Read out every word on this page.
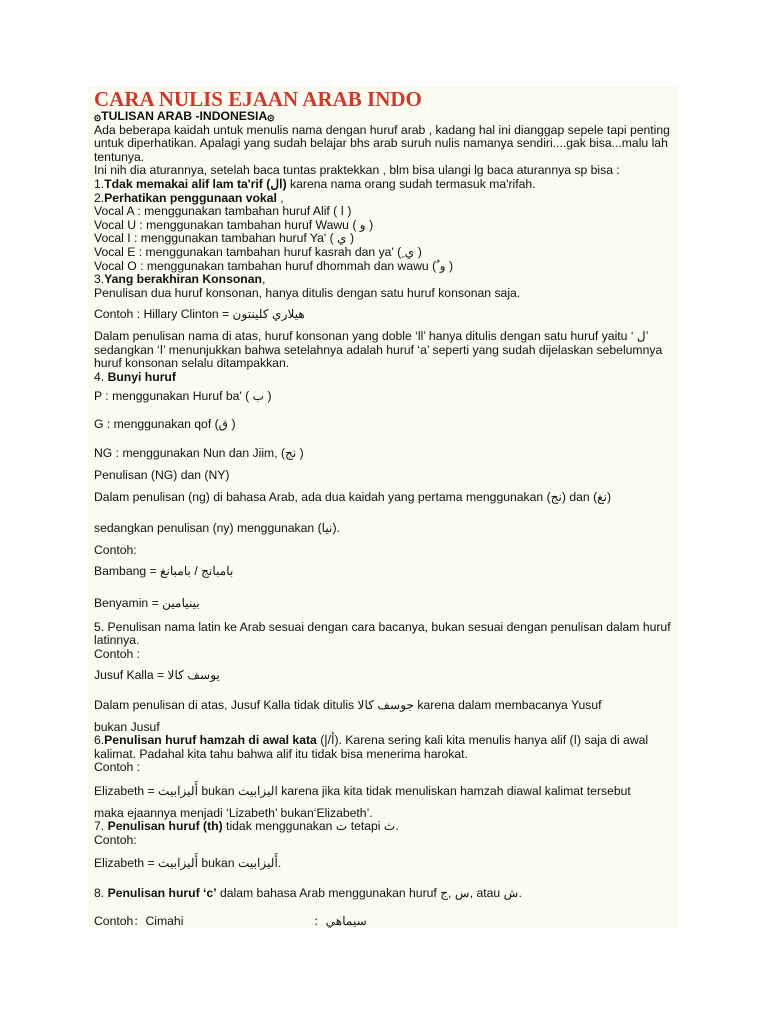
CARA NULIS EJAAN ARAB INDO
۞TULISAN ARAB -INDONESIA۞
Ada beberapa kaidah untuk menulis nama dengan huruf arab , kadang hal ini dianggap sepele tapi penting untuk diperhatikan. Apalagi yang sudah belajar bhs arab suruh nulis namanya sendiri....gak bisa...malu lah tentunya.
Ini nih dia aturannya, setelah baca tuntas praktekkan , blm bisa ulangi lg baca aturannya sp bisa :
1.Tdak memakai alif lam ta'rif (ال) karena nama orang sudah termasuk ma'rifah.
2.Perhatikan penggunaan vokal ,
Vocal A : menggunakan tambahan huruf Alif ( ا )
Vocal U : menggunakan tambahan huruf Wawu ( و )
Vocal I : menggunakan tambahan huruf Ya' ( ي )
Vocal E : menggunakan tambahan huruf kasrah dan ya' ( ِي )
Vocal O : menggunakan tambahan huruf dhommah dan wawu ( ُو )
3.Yang berakhiran Konsonan,
Penulisan dua huruf konsonan, hanya ditulis dengan satu huruf konsonan saja.
Contoh : Hillary Clinton = هيلاري كلينتون
Dalam penulisan nama di atas, huruf konsonan yang doble ‘ll’ hanya ditulis dengan satu huruf yaitu ‘ ل’ sedangkan ‘ا’ menunjukkan bahwa setelahnya adalah huruf ‘a’ seperti yang sudah dijelaskan sebelumnya huruf konsonan selalu ditampakkan.
4. Bunyi huruf
P : menggunakan Huruf ba' ( ب )
G : menggunakan qof (ق )
NG : menggunakan Nun dan Jiim, (نج )
Penulisan (NG) dan (NY)
Dalam penulisan (ng) di bahasa Arab, ada dua kaidah yang pertama menggunakan (نج) dan (نغ)
sedangkan penulisan (ny) menggunakan (نيا).
Contoh:
Bambang = بامبانج / بامبانغ
Benyamin = بينيامين
5. Penulisan nama latin ke Arab sesuai dengan cara bacanya, bukan sesuai dengan penulisan dalam huruf latinnya.
Contoh :
Jusuf Kalla = يوسف كالا
Dalam penulisan di atas, Jusuf Kalla tidak ditulis جوسف كالا karena dalam membacanya Yusuf
bukan Jusuf
6.Penulisan huruf hamzah di awal kata (أ/إ). Karena sering kali kita menulis hanya alif (ا) saja di awal kalimat. Padahal kita tahu bahwa alif itu tidak bisa menerima harokat.
Contoh :
Elizabeth = أَليزابيث bukan اليزابيث karena jika kita tidak menuliskan hamzah diawal kalimat tersebut
maka ejaannya menjadi ‘Lizabeth’ bukan‘Elizabeth’.
7. Penulisan huruf (th) tidak menggunakan ت tetapi ث.
Contoh:
Elizabeth = أَليزابيث bukan أَليزابيت.
8. Penulisan huruf ‘c’ dalam bahasa Arab menggunakan huruf س ,ج, atau ش.
Contoh：Cimahi	：سيماهي
